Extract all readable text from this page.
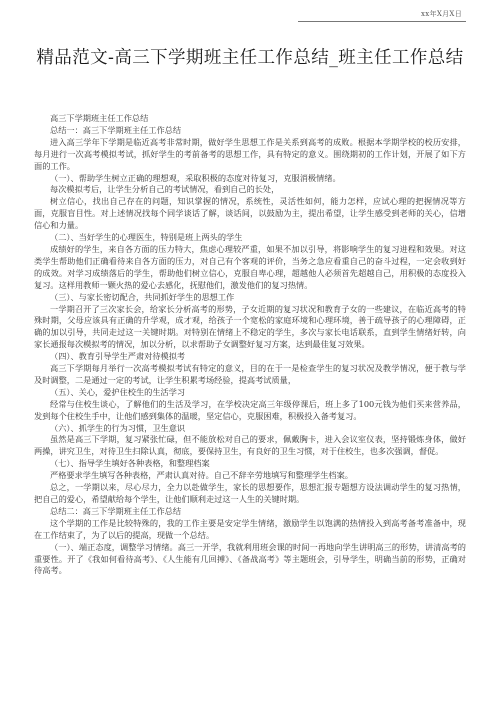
xx年X月X日
精品范文-高三下学期班主任工作总结_班主任工作总结

高三下学期班主任工作总结

总结一：高三下学期班主任工作总结

进入高三学年下学期是临近高考非常时期，做好学生思想工作是关系到高考的成败。根据本学期学校的校历安排，每月进行一次高考模拟考试，抓好学生的考前备考的思想工作，具有特定的意义。围绕期初的工作计划，开展了如下方面的工作。

（一）、帮助学生树立正确的理想观，采取积极的态度对待复习，克服消极情绪。

每次模拟考后，让学生分析自己的考试情况，看到自己的长处，

树立信心，找出自己存在的问题，知识掌握的情况，系统性，灵活性如何，能力怎样，应试心理的把握情况等方面，克服盲目性。对上述情况找每个同学谈话了解，谈话间，以鼓励为主，提出希望，让学生感受到老师的关心，信增信心和力量。

（二）、当好学生的心理医生，特别是班上两头的学生

成绩好的学生，来自各方面的压力特大，焦虑心理较严重，如果不加以引导，将影响学生的复习进程和效果。对这类学生帮助他们正确看待来自各方面的压力，对自己有个客观的评价，当务之急应看重自己的奋斗过程，一定会收到好的成效。对学习成绩落后的学生，帮助他们树立信心，克服自卑心理，超越他人必须首先超越自己，用积极的态度投入复习。这样用教师一颗火热的爱心去感化，抚慰他们，激发他们的复习热情。

（三）、与家长密切配合，共同抓好学生的思想工作

一学期召开了三次家长会，给家长分析高考的形势，子女近期的复习状况和教育子女的一些建议，在临近高考的特殊时期，父母应该具有正确的升学观，成才观，给孩子一个宽松的家庭环境和心理环境，善于疏导孩子的心理障碍，正确的加以引导，共同走过这一关键时期。对特别在情绪上不稳定的学生，多次与家长电话联系，直到学生情绪好转，向家长通报每次模拟考的情况，加以分析，以求帮助子女调整好复习方案，达到最佳复习效果。

（四）、教育引导学生严肃对待模拟考

高三下学期每月举行一次高考模拟考试有特定的意义，目的在于一是检查学生的复习状况及教学情况，便于教与学及时调整，二是通过一定的考试，让学生积累考场经验，提高考试质量，

（五）、关心，爱护住校生的生活学习

经常与住校生谈心，了解他们的生活及学习，在学校决定高三年级停课后，班上多了100元钱为他们买来营养品，发到每个住校生手中，让他们感到集体的温暖，坚定信心，克服困难，积极投入备考复习。

（六）、抓学生的行为习惯，卫生意识

虽然是高三下学期，复习紧张忙碌，但不能放松对自己的要求，佩戴胸卡，进入会议室仪表，坚持锻炼身体，做好两操，讲究卫生，对待卫生扫除认真，彻底，要保持卫生，有良好的卫生习惯，对于住校生，也多次强调，督促。

（七）、指导学生填好各种表格，和整理档案

严格要求学生填写各种表格，严肃认真对待。自己不辞辛劳地填写和整理学生档案。

总之，一学期以来，尽心尽力，全力以赴做学生，家长的思想要作，思想汇报专题想方设法调动学生的复习热情，把自己的爱心，希望献给每个学生，让他们顺利走过这一人生的关键时期。

总结二：高三下学期班主任工作总结

这个学期的工作是比较特殊的，我的工作主要是安定学生情绪，激励学生以饱满的热情投入到高考备考准备中，现在工作结束了，为了以后的提高，现做一个总结。

（一）、端正态度，调整学习情绪。高三一开学，我就利用班会课的时间一再地向学生讲明高三的形势，讲清高考的重要性。开了《我如何看待高考》、《人生能有几回搏》、《备战高考》等主题班会，引导学生，明确当前的形势，正确对待高考。
